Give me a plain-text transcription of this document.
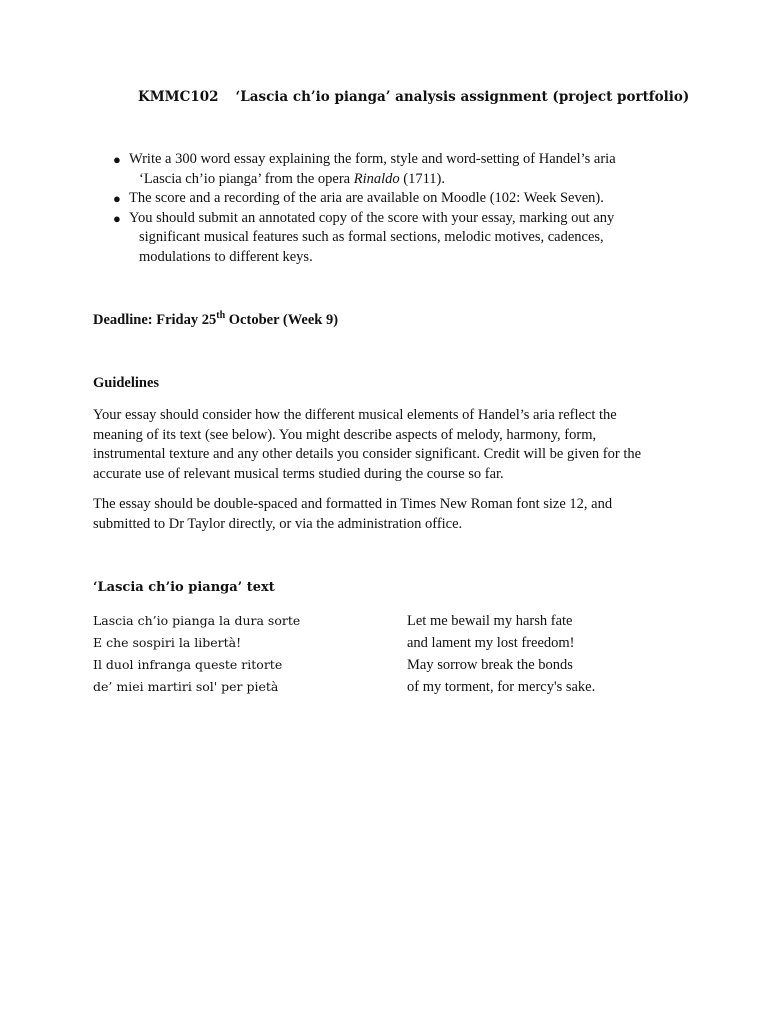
KMMC102 ‘Lascia ch’io pianga’ analysis assignment (project portfolio)
● Write a 300 word essay explaining the form, style and word-setting of Handel’s aria
‘Lascia ch’io pianga’ from the opera Rinaldo (1711).
● The score and a recording of the aria are available on Moodle (102: Week Seven).
● You should submit an annotated copy of the score with your essay, marking out any
significant musical features such as formal sections, melodic motives, cadences,
modulations to different keys.
Deadline: Friday 25th October (Week 9)
Guidelines

Your essay should consider how the different musical elements of Handel’s aria reflect the meaning of its text (see below). You might describe aspects of melody, harmony, form, instrumental texture and any other details you consider significant. Credit will be given for the accurate use of relevant musical terms studied during the course so far.

The essay should be double-spaced and formatted in Times New Roman font size 12, and submitted to Dr Taylor directly, or via the administration office.

‘Lascia ch’io pianga’ text
Lascia ch’io pianga la dura sorte	Let me bewail my harsh fate
E che sospiri la libertà!	and lament my lost freedom!
Il duol infranga queste ritorte	May sorrow break the bonds
de’ miei martiri sol' per pietà	of my torment, for mercy's sake.
